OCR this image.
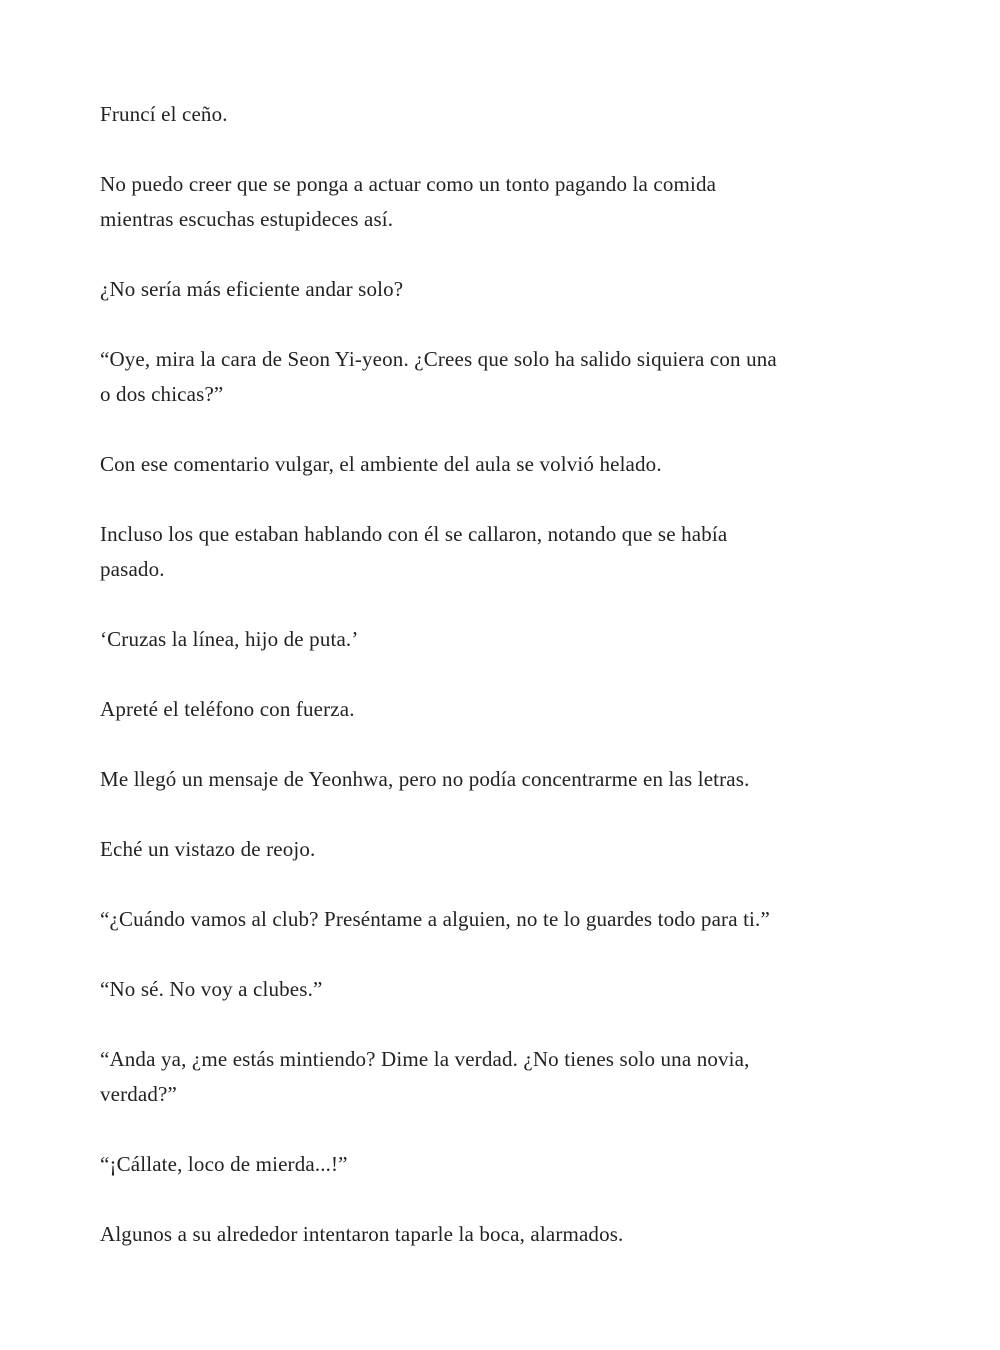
Fruncí el ceño.

No puedo creer que se ponga a actuar como un tonto pagando la comida
mientras escuchas estupideces así.

¿No sería más eficiente andar solo?

“Oye, mira la cara de Seon Yi-yeon. ¿Crees que solo ha salido siquiera con una
o dos chicas?”

Con ese comentario vulgar, el ambiente del aula se volvió helado.

Incluso los que estaban hablando con él se callaron, notando que se había
pasado.

‘Cruzas la línea, hijo de puta.’

Apreté el teléfono con fuerza.

Me llegó un mensaje de Yeonhwa, pero no podía concentrarme en las letras.

Eché un vistazo de reojo.

“¿Cuándo vamos al club? Preséntame a alguien, no te lo guardes todo para ti.”

“No sé. No voy a clubes.”

“Anda ya, ¿me estás mintiendo? Dime la verdad. ¿No tienes solo una novia,
verdad?”

“¡Cállate, loco de mierda...!”

Algunos a su alrededor intentaron taparle la boca, alarmados.
